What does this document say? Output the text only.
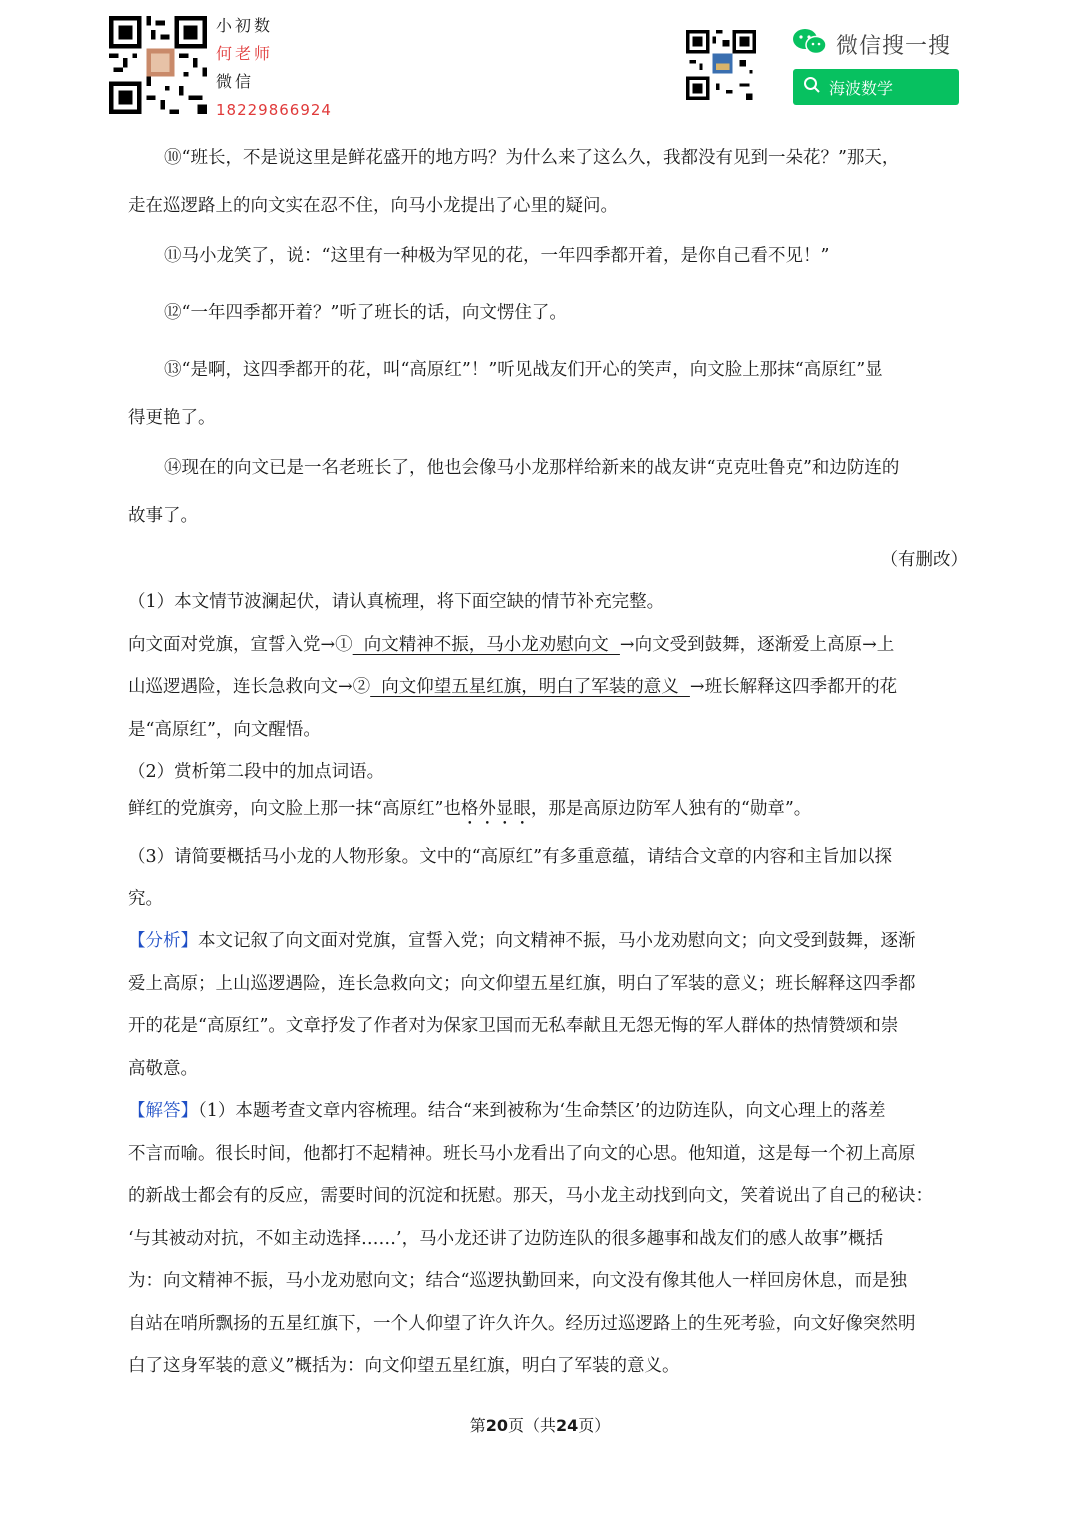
小初数
何老师
微信
18229866924
微信搜一搜
海波数学
⑩“班长，不是说这里是鲜花盛开的地方吗？为什么来了这么久，我都没有见到一朵花？”那天，
走在巡逻路上的向文实在忍不住，向马小龙提出了心里的疑问。
⑪马小龙笑了，说：“这里有一种极为罕见的花，一年四季都开着，是你自己看不见！”
⑫“一年四季都开着？”听了班长的话，向文愣住了。
⑬“是啊，这四季都开的花，叫“高原红”！”听见战友们开心的笑声，向文脸上那抹“高原红”显
得更艳了。
⑭现在的向文已是一名老班长了，他也会像马小龙那样给新来的战友讲“克克吐鲁克”和边防连的
故事了。
（有删改）
（1）本文情节波澜起伏，请认真梳理，将下面空缺的情节补充完整。
向文面对党旗，宣誓入党→①  向文精神不振，马小龙劝慰向文  →向文受到鼓舞，逐渐爱上高原→上
山巡逻遇险，连长急救向文→②  向文仰望五星红旗，明白了军装的意义  →班长解释这四季都开的花
是“高原红”，向文醒悟。
（2）赏析第二段中的加点词语。
鲜红的党旗旁，向文脸上那一抹“高原红”也格外显眼，那是高原边防军人独有的“勋章”。
（3）请简要概括马小龙的人物形象。文中的“高原红”有多重意蕴，请结合文章的内容和主旨加以探
究。
【分析】本文记叙了向文面对党旗，宣誓入党；向文精神不振，马小龙劝慰向文；向文受到鼓舞，逐渐
爱上高原；上山巡逻遇险，连长急救向文；向文仰望五星红旗，明白了军装的意义；班长解释这四季都
开的花是“高原红”。文章抒发了作者对为保家卫国而无私奉献且无怨无悔的军人群体的热情赞颂和崇
高敬意。
【解答】（1）本题考查文章内容梳理。结合“来到被称为‘生命禁区’的边防连队，向文心理上的落差
不言而喻。很长时间，他都打不起精神。班长马小龙看出了向文的心思。他知道，这是每一个初上高原
的新战士都会有的反应，需要时间的沉淀和抚慰。那天，马小龙主动找到向文，笑着说出了自己的秘诀：
‘与其被动对抗，不如主动选择……’，马小龙还讲了边防连队的很多趣事和战友们的感人故事”概括
为：向文精神不振，马小龙劝慰向文；结合“巡逻执勤回来，向文没有像其他人一样回房休息，而是独
自站在哨所飘扬的五星红旗下，一个人仰望了许久许久。经历过巡逻路上的生死考验，向文好像突然明
白了这身军装的意义”概括为：向文仰望五星红旗，明白了军装的意义。
第20页（共24页）
